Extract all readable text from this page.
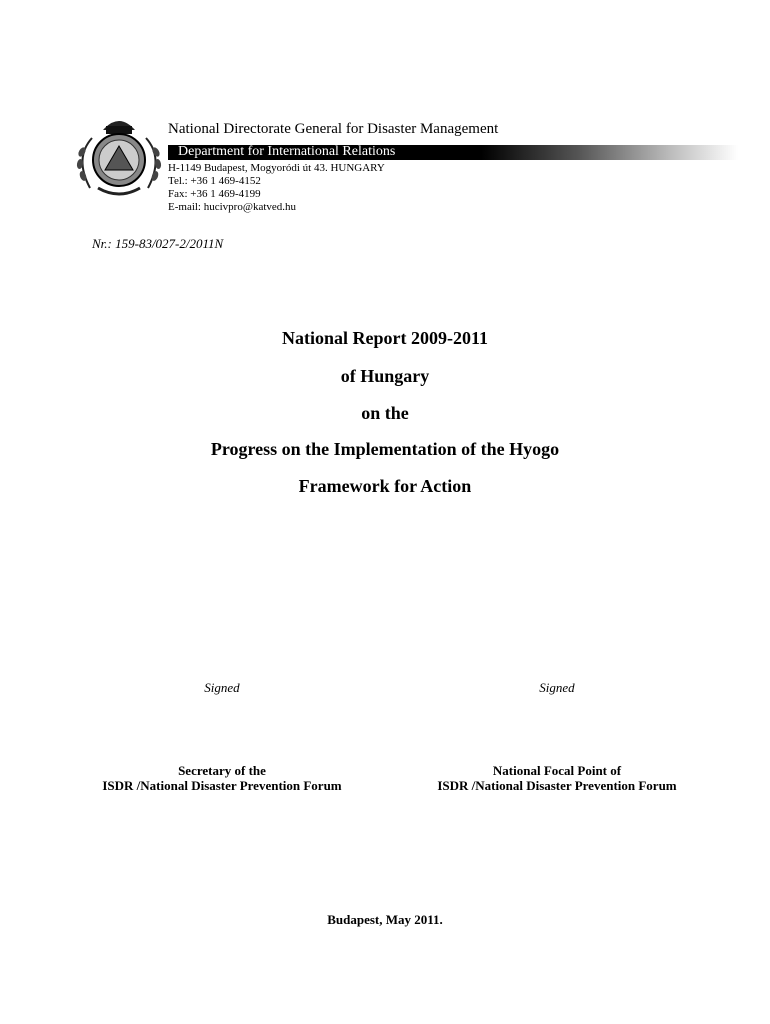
National Directorate General for Disaster Management
Department for International Relations
H-1149 Budapest, Mogyoródi út 43. HUNGARY
Tel.: +36 1 469-4152
Fax: +36 1 469-4199
E-mail: hucivpro@katved.hu
Nr.: 159-83/027-2/2011N
National Report 2009-2011
of Hungary
on the
Progress on the Implementation of the Hyogo
Framework for Action
Signed	Signed
Secretary of the
ISDR /National Disaster Prevention Forum
National Focal Point of
ISDR /National Disaster Prevention Forum
Budapest, May 2011.
